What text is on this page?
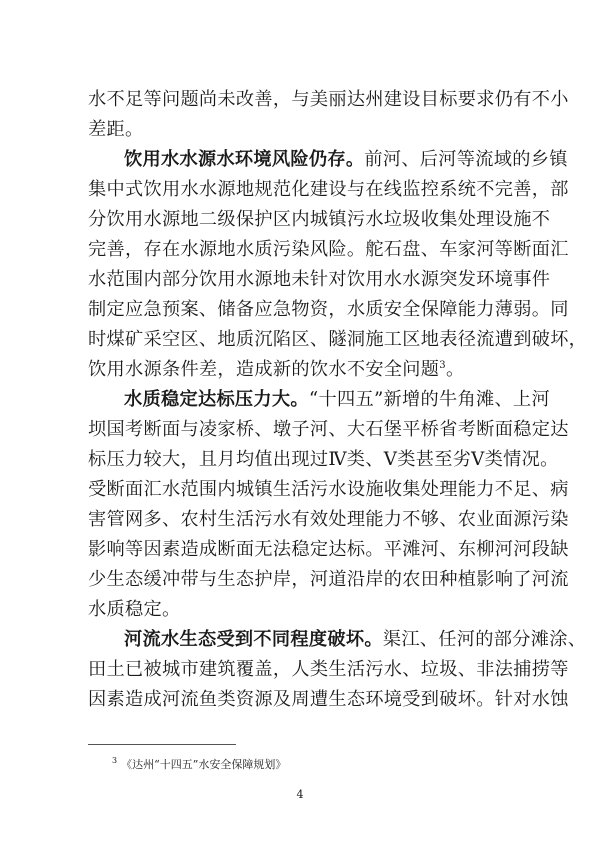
水不足等问题尚未改善，与美丽达州建设目标要求仍有不小
差距。
饮用水水源水环境风险仍存。前河、后河等流域的乡镇
集中式饮用水水源地规范化建设与在线监控系统不完善，部
分饮用水源地二级保护区内城镇污水垃圾收集处理设施不
完善，存在水源地水质污染风险。舵石盘、车家河等断面汇
水范围内部分饮用水源地未针对饮用水水源突发环境事件
制定应急预案、储备应急物资，水质安全保障能力薄弱。同
时煤矿采空区、地质沉陷区、隧洞施工区地表径流遭到破坏，
饮用水源条件差，造成新的饮水不安全问题$^3$。
水质稳定达标压力大。“十四五”新增的牛角滩、上河
坝国考断面与凌家桥、墩子河、大石堡平桥省考断面稳定达
标压力较大，且月均值出现过Ⅳ类、Ⅴ类甚至劣Ⅴ类情况。
受断面汇水范围内城镇生活污水设施收集处理能力不足、病
害管网多、农村生活污水有效处理能力不够、农业面源污染
影响等因素造成断面无法稳定达标。平滩河、东柳河河段缺
少生态缓冲带与生态护岸，河道沿岸的农田种植影响了河流
水质稳定。
河流水生态受到不同程度破坏。渠江、任河的部分滩涂、
田土已被城市建筑覆盖，人类生活污水、垃圾、非法捕捞等
因素造成河流鱼类资源及周遭生态环境受到破坏。针对水蚀
$^3$ 《达州“十四五”水安全保障规划》
4
